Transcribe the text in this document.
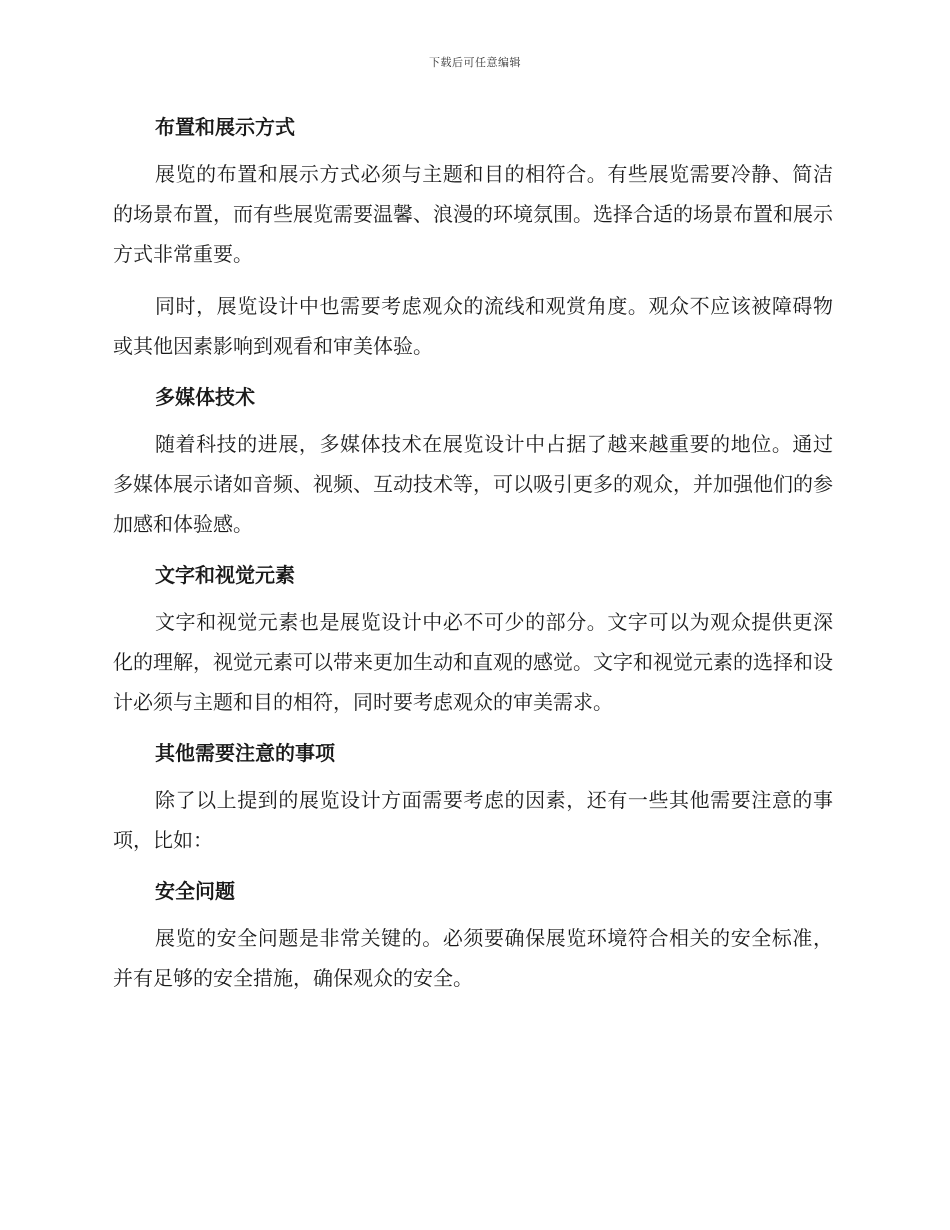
下载后可任意编辑
布置和展示方式

展览的布置和展示方式必须与主题和目的相符合。有些展览需要冷静、简洁的场景布置，而有些展览需要温馨、浪漫的环境氛围。选择合适的场景布置和展示方式非常重要。

同时，展览设计中也需要考虑观众的流线和观赏角度。观众不应该被障碍物或其他因素影响到观看和审美体验。

多媒体技术

随着科技的进展，多媒体技术在展览设计中占据了越来越重要的地位。通过多媒体展示诸如音频、视频、互动技术等，可以吸引更多的观众，并加强他们的参加感和体验感。

文字和视觉元素

文字和视觉元素也是展览设计中必不可少的部分。文字可以为观众提供更深化的理解，视觉元素可以带来更加生动和直观的感觉。文字和视觉元素的选择和设计必须与主题和目的相符，同时要考虑观众的审美需求。

其他需要注意的事项

除了以上提到的展览设计方面需要考虑的因素，还有一些其他需要注意的事项，比如：

安全问题

展览的安全问题是非常关键的。必须要确保展览环境符合相关的安全标准，并有足够的安全措施，确保观众的安全。
